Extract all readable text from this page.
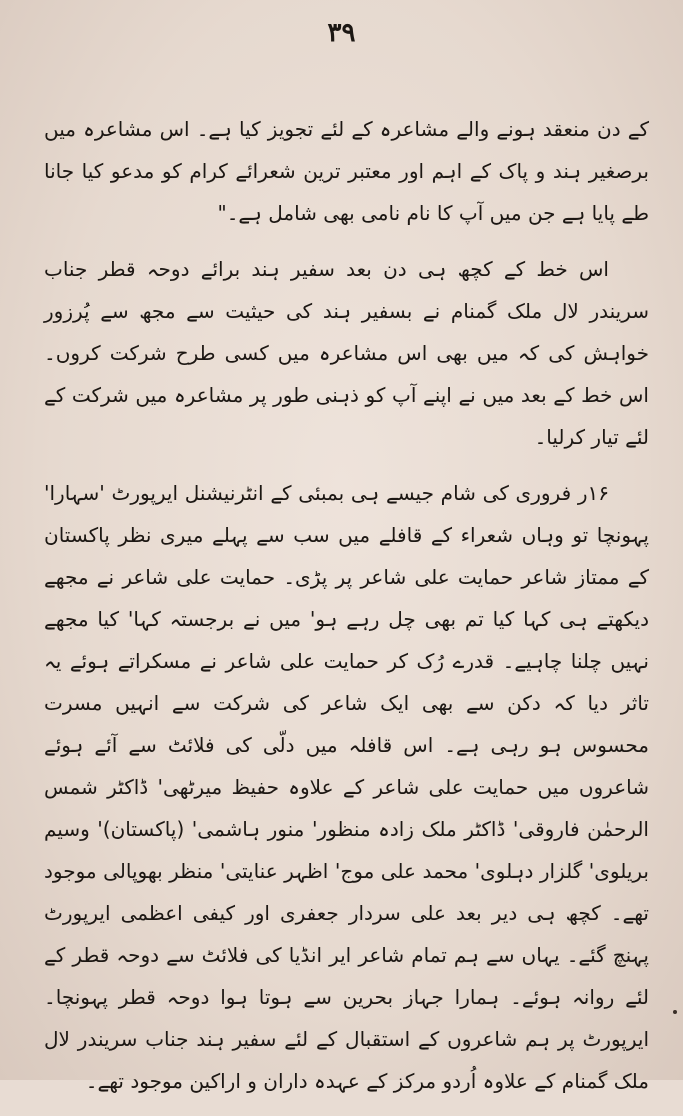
۳۹

کے دن منعقد ہونے والے مشاعرہ کے لئے تجویز کیا ہے۔ اس مشاعرہ میں برصغیر ہند و پاک کے اہم اور معتبر ترین شعرائے کرام کو مدعو کیا جانا طے پایا ہے جن میں آپ کا نام نامی بھی شامل ہے۔"

اس خط کے کچھ ہی دن بعد سفیر ہند برائے دوحہ قطر جناب سریندر لال ملک گمنام نے بسفیر ہند کی حیثیت سے مجھ سے پُرزور خواہش کی کہ میں بھی اس مشاعرہ میں کسی طرح شرکت کروں۔ اس خط کے بعد میں نے اپنے آپ کو ذہنی طور پر مشاعرہ میں شرکت کے لئے تیار کرلیا۔

۱۶ر فروری کی شام جیسے ہی بمبئی کے انٹرنیشنل ایرپورٹ 'سہارا' پہونچا تو وہاں شعراء کے قافلے میں سب سے پہلے میری نظر پاکستان کے ممتاز شاعر حمایت علی شاعر پر پڑی۔ حمایت علی شاعر نے مجھے دیکھتے ہی کہا کیا تم بھی چل رہے ہو' میں نے برجستہ کہا' کیا مجھے نہیں چلنا چاہیے۔ قدرے رُک کر حمایت علی شاعر نے مسکراتے ہوئے یہ تاثر دیا کہ دکن سے بھی ایک شاعر کی شرکت سے انہیں مسرت محسوس ہو رہی ہے۔ اس قافلہ میں دلّی کی فلائٹ سے آئے ہوئے شاعروں میں حمایت علی شاعر کے علاوہ حفیظ میرٹھی' ڈاکٹر شمس الرحمٰن فاروقی' ڈاکٹر ملک زادہ منظور' منور ہاشمی' (پاکستان)' وسیم بریلوی' گلزار دہلوی' محمد علی موج' اظہر عنایتی' منظر بھوپالی موجود تھے۔ کچھ ہی دیر بعد علی سردار جعفری اور کیفی اعظمی ایرپورٹ پہنچ گئے۔ یہاں سے ہم تمام شاعر ایر انڈیا کی فلائٹ سے دوحہ قطر کے لئے روانہ ہوئے۔ ہمارا جہاز بحرین سے ہوتا ہوا دوحہ قطر پہونچا۔ ایرپورٹ پر ہم شاعروں کے استقبال کے لئے سفیر ہند جناب سریندر لال ملک گمنام کے علاوہ اُردو مرکز کے عہدہ داران و اراکین موجود تھے۔
